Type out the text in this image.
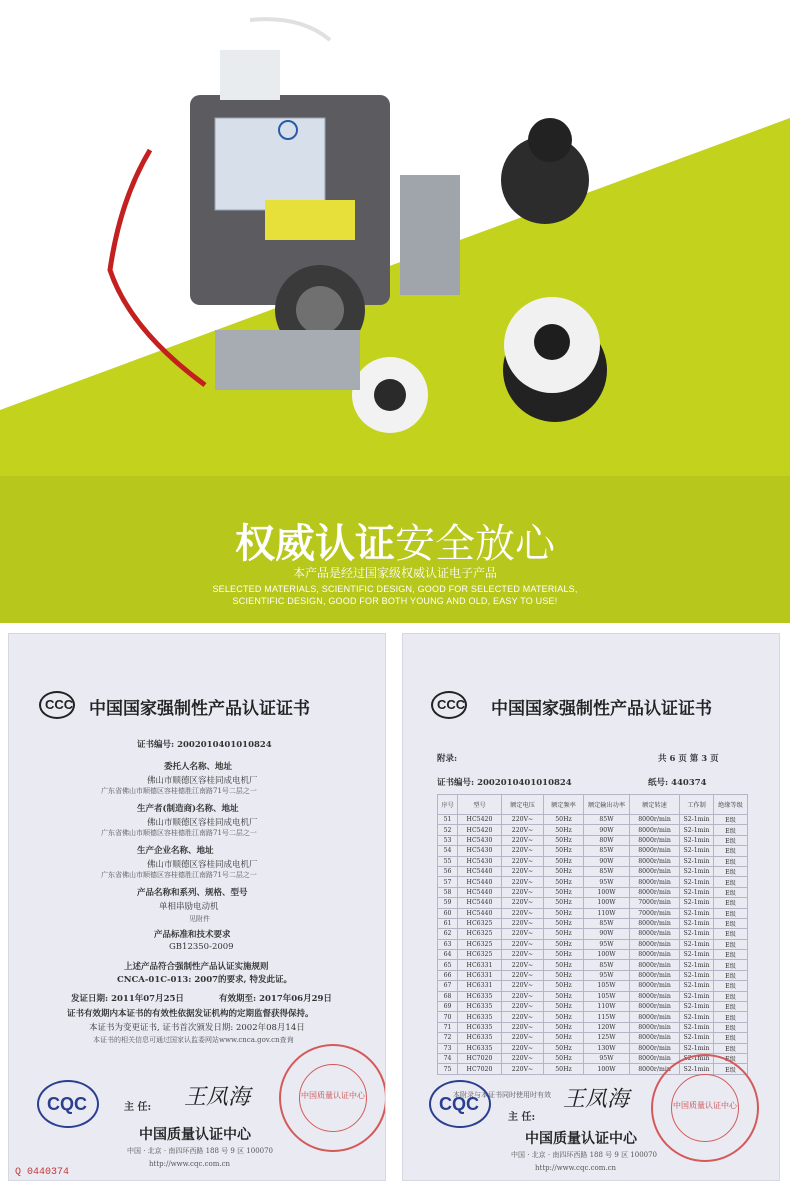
权威认证安全放心
本产品是经过国家级权威认证电子产品
SELECTED MATERIALS, SCIENTIFIC DESIGN, GOOD FOR SELECTED MATERIALS,
SCIENTIFIC DESIGN, GOOD FOR BOTH YOUNG AND OLD, EASY TO USE!
CCC 中国国家强制性产品认证证书
证书编号: 2002010401010824
委托人名称、地址
佛山市顺德区容桂同成电机厂
广东省佛山市顺德区容桂德胜江南路71号二层之一
生产者(制造商)名称、地址
佛山市顺德区容桂同成电机厂
广东省佛山市顺德区容桂德胜江南路71号二层之一
生产企业名称、地址
佛山市顺德区容桂同成电机厂
广东省佛山市顺德区容桂德胜江南路71号二层之一
产品名称和系列、规格、型号
单相串励电动机
见附件
产品标准和技术要求
GB12350-2009
上述产品符合强制性产品认证实施规则
CNCA-01C-013: 2007的要求, 特发此证。
发证日期: 2011年07月25日	有效期至: 2017年06月29日
证书有效期内本证书的有效性依据发证机构的定期监督获得保持。
本证书为变更证书, 证书首次颁发日期: 2002年08月14日
本证书的相关信息可通过国家认监委网站www.cnca.gov.cn查询
CQC	主 任: 王凤海	中国质量认证中心
中国质量认证中心
中国 · 北京 · 南四环西路 188 号 9 区 100070
http://www.cqc.com.cn
Q 0440374
CCC 中国国家强制性产品认证证书
附录:	共 6 页 第 3 页
证书编号: 2002010401010824	纸号: 440374
序号	型号	额定电压	额定频率	额定输出功率	额定转速	工作制	绝缘等级
51	HC5420	220V~	50Hz	85W	8000r/min	S2-1min	E级
52	HC5420	220V~	50Hz	90W	8000r/min	S2-1min	E级
53	HC5430	220V~	50Hz	80W	8000r/min	S2-1min	E级
54	HC5430	220V~	50Hz	85W	8000r/min	S2-1min	E级
55	HC5430	220V~	50Hz	90W	8000r/min	S2-1min	E级
56	HC5440	220V~	50Hz	85W	8000r/min	S2-1min	E级
57	HC5440	220V~	50Hz	95W	8000r/min	S2-1min	E级
58	HC5440	220V~	50Hz	100W	8000r/min	S2-1min	E级
59	HC5440	220V~	50Hz	100W	7000r/min	S2-1min	E级
60	HC5440	220V~	50Hz	110W	7000r/min	S2-1min	E级
61	HC6325	220V~	50Hz	85W	8000r/min	S2-1min	E级
62	HC6325	220V~	50Hz	90W	8000r/min	S2-1min	E级
63	HC6325	220V~	50Hz	95W	8000r/min	S2-1min	E级
64	HC6325	220V~	50Hz	100W	8000r/min	S2-1min	E级
65	HC6331	220V~	50Hz	85W	8000r/min	S2-1min	E级
66	HC6331	220V~	50Hz	95W	8000r/min	S2-1min	E级
67	HC6331	220V~	50Hz	105W	8000r/min	S2-1min	E级
68	HC6335	220V~	50Hz	105W	8000r/min	S2-1min	E级
69	HC6335	220V~	50Hz	110W	8000r/min	S2-1min	E级
70	HC6335	220V~	50Hz	115W	8000r/min	S2-1min	E级
71	HC6335	220V~	50Hz	120W	8000r/min	S2-1min	E级
72	HC6335	220V~	50Hz	125W	8000r/min	S2-1min	E级
73	HC6335	220V~	50Hz	130W	8000r/min	S2-1min	E级
74	HC7020	220V~	50Hz	95W	8000r/min	S2-1min	E级
75	HC7020	220V~	50Hz	100W	8000r/min	S2-1min	E级
本附录与本证书同时使用时有效
CQC
主 任:
王凤海	中国质量认证中心
中国质量认证中心
中国 · 北京 · 南四环西路 188 号 9 区 100070
http://www.cqc.com.cn
